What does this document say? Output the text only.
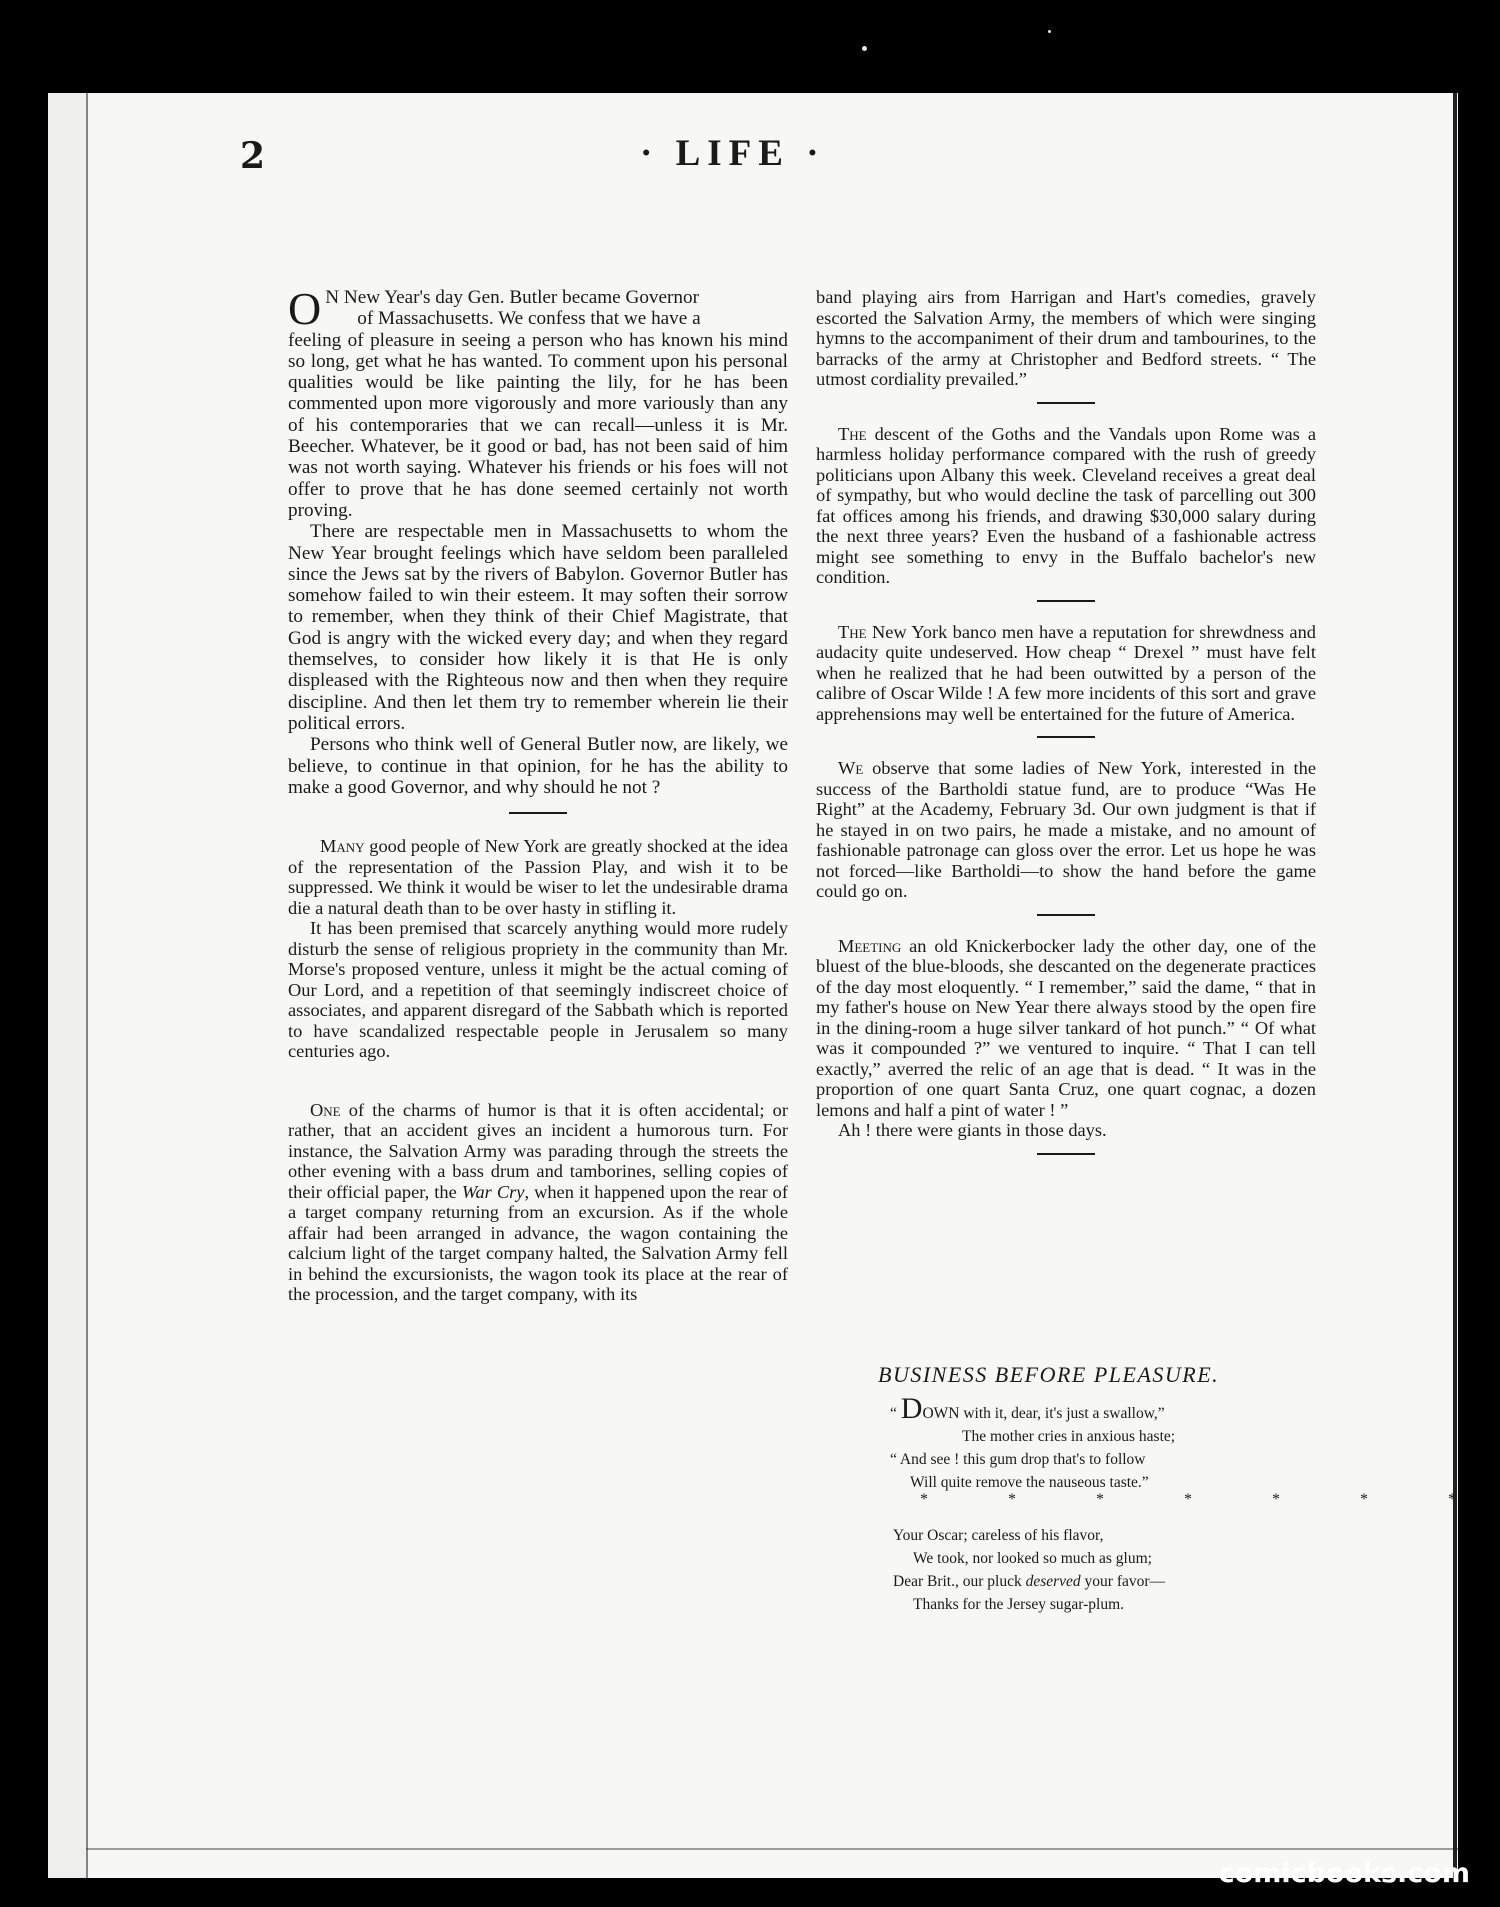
2	· LIFE ·

O N New Year's day Gen. Butler became Governor
of Massachusetts. We confess that we have a
feeling of pleasure in seeing a person who has known his mind so long, get what he has wanted. To comment upon his personal qualities would be like painting the lily, for he has been commented upon more vigorously and more variously than any of his contemporaries that we can recall—unless it is Mr. Beecher. Whatever, be it good or bad, has not been said of him was not worth saying. Whatever his friends or his foes will not offer to prove that he has done seemed certainly not worth proving.

There are respectable men in Massachusetts to whom the New Year brought feelings which have seldom been paralleled since the Jews sat by the rivers of Babylon. Governor Butler has somehow failed to win their esteem. It may soften their sorrow to remember, when they think of their Chief Magistrate, that God is angry with the wicked every day; and when they regard themselves, to consider how likely it is that He is only displeased with the Righteous now and then when they require discipline. And then let them try to remember wherein lie their political errors.

Persons who think well of General Butler now, are likely, we believe, to continue in that opinion, for he has the ability to make a good Governor, and why should he not ?

Many good people of New York are greatly shocked at the idea of the representation of the Passion Play, and wish it to be suppressed. We think it would be wiser to let the undesirable drama die a natural death than to be over hasty in stifling it.

It has been premised that scarcely anything would more rudely disturb the sense of religious propriety in the community than Mr. Morse's proposed venture, unless it might be the actual coming of Our Lord, and a repetition of that seemingly indiscreet choice of associates, and apparent disregard of the Sabbath which is reported to have scandalized respectable people in Jerusalem so many centuries ago.

One of the charms of humor is that it is often accidental; or rather, that an accident gives an incident a humorous turn. For instance, the Salvation Army was parading through the streets the other evening with a bass drum and tamborines, selling copies of their official paper, the War Cry, when it happened upon the rear of a target company returning from an excursion. As if the whole affair had been arranged in advance, the wagon containing the calcium light of the target company halted, the Salvation Army fell in behind the excursionists, the wagon took its place at the rear of the procession, and the target company, with its

band playing airs from Harrigan and Hart's comedies, gravely escorted the Salvation Army, the members of which were singing hymns to the accompaniment of their drum and tambourines, to the barracks of the army at Christopher and Bedford streets. “ The utmost cordiality prevailed.”

The descent of the Goths and the Vandals upon Rome was a harmless holiday performance compared with the rush of greedy politicians upon Albany this week. Cleveland receives a great deal of sympathy, but who would decline the task of parcelling out 300 fat offices among his friends, and drawing $30,000 salary during the next three years? Even the husband of a fashionable actress might see something to envy in the Buffalo bachelor's new condition.

The New York banco men have a reputation for shrewdness and audacity quite undeserved. How cheap “ Drexel ” must have felt when he realized that he had been outwitted by a person of the calibre of Oscar Wilde ! A few more incidents of this sort and grave apprehensions may well be entertained for the future of America.

We observe that some ladies of New York, interested in the success of the Bartholdi statue fund, are to produce “Was He Right” at the Academy, February 3d. Our own judgment is that if he stayed in on two pairs, he made a mistake, and no amount of fashionable patronage can gloss over the error. Let us hope he was not forced—like Bartholdi—to show the hand before the game could go on.

Meeting an old Knickerbocker lady the other day, one of the bluest of the blue-bloods, she descanted on the degenerate practices of the day most eloquently. “ I remember,” said the dame, “ that in my father's house on New Year there always stood by the open fire in the dining-room a huge silver tankard of hot punch.” “ Of what was it compounded ?” we ventured to inquire. “ That I can tell exactly,” averred the relic of an age that is dead. “ It was in the proportion of one quart Santa Cruz, one quart cognac, a dozen lemons and half a pint of water ! ”

Ah ! there were giants in those days.

BUSINESS BEFORE PLEASURE.
“ DOWN with it, dear, it's just a swallow,”
The mother cries in anxious haste;
“ And see ! this gum drop that's to follow
Will quite remove the nauseous taste.”
* * * * * * *
Your Oscar; careless of his flavor,
We took, nor looked so much as glum;
Dear Brit., our pluck deserved your favor—
Thanks for the Jersey sugar-plum.
comicbooks.com
